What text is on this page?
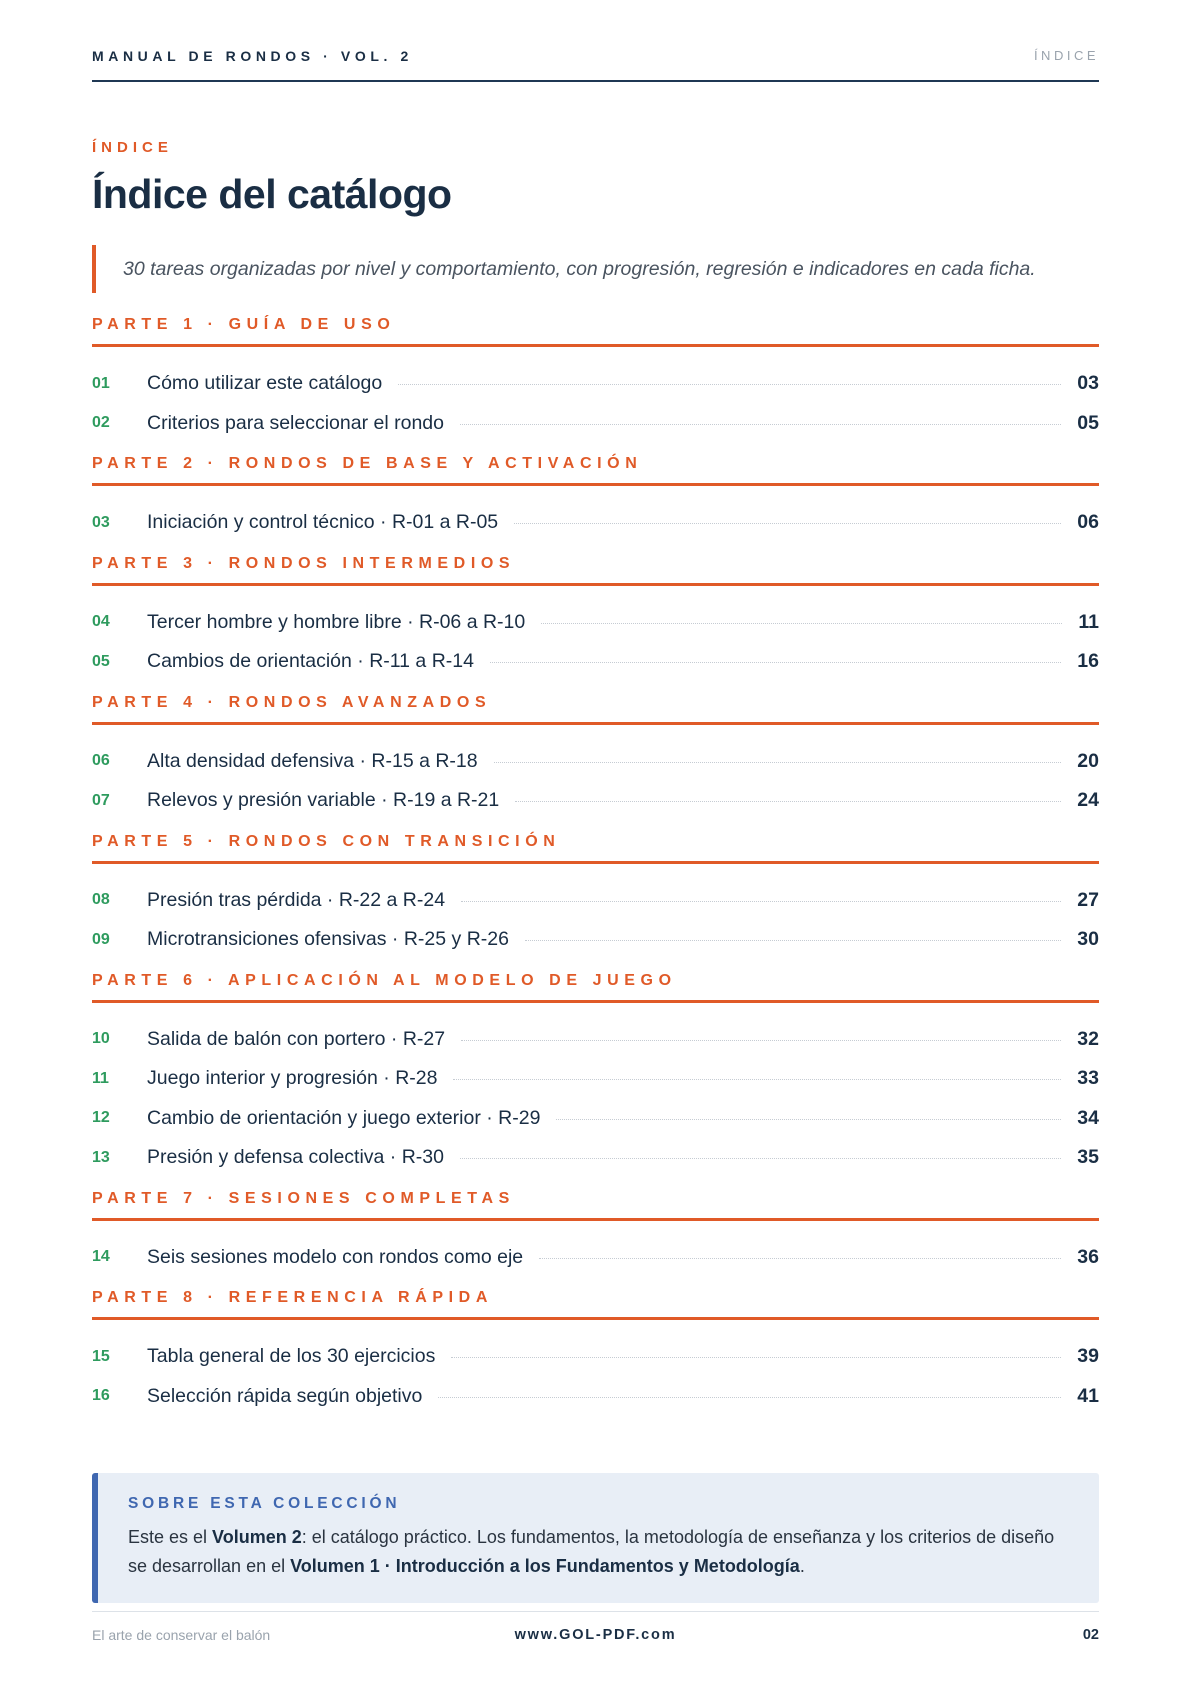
MANUAL DE RONDOS · VOL. 2	ÍNDICE
ÍNDICE
Índice del catálogo
30 tareas organizadas por nivel y comportamiento, con progresión, regresión e indicadores en cada ficha.
PARTE 1 · GUÍA DE USO
01	Cómo utilizar este catálogo	03
02	Criterios para seleccionar el rondo	05
PARTE 2 · RONDOS DE BASE Y ACTIVACIÓN
03	Iniciación y control técnico · R-01 a R-05	06
PARTE 3 · RONDOS INTERMEDIOS
04	Tercer hombre y hombre libre · R-06 a R-10	11
05	Cambios de orientación · R-11 a R-14	16
PARTE 4 · RONDOS AVANZADOS
06	Alta densidad defensiva · R-15 a R-18	20
07	Relevos y presión variable · R-19 a R-21	24
PARTE 5 · RONDOS CON TRANSICIÓN
08	Presión tras pérdida · R-22 a R-24	27
09	Microtransiciones ofensivas · R-25 y R-26	30
PARTE 6 · APLICACIÓN AL MODELO DE JUEGO
10	Salida de balón con portero · R-27	32
11	Juego interior y progresión · R-28	33
12	Cambio de orientación y juego exterior · R-29	34
13	Presión y defensa colectiva · R-30	35
PARTE 7 · SESIONES COMPLETAS
14	Seis sesiones modelo con rondos como eje	36
PARTE 8 · REFERENCIA RÁPIDA
15	Tabla general de los 30 ejercicios	39
16	Selección rápida según objetivo	41
SOBRE ESTA COLECCIÓN
Este es el Volumen 2: el catálogo práctico. Los fundamentos, la metodología de enseñanza y los criterios de diseño se desarrollan en el Volumen 1 · Introducción a los Fundamentos y Metodología.
El arte de conservar el balón	www.GOL-PDF.com	02
